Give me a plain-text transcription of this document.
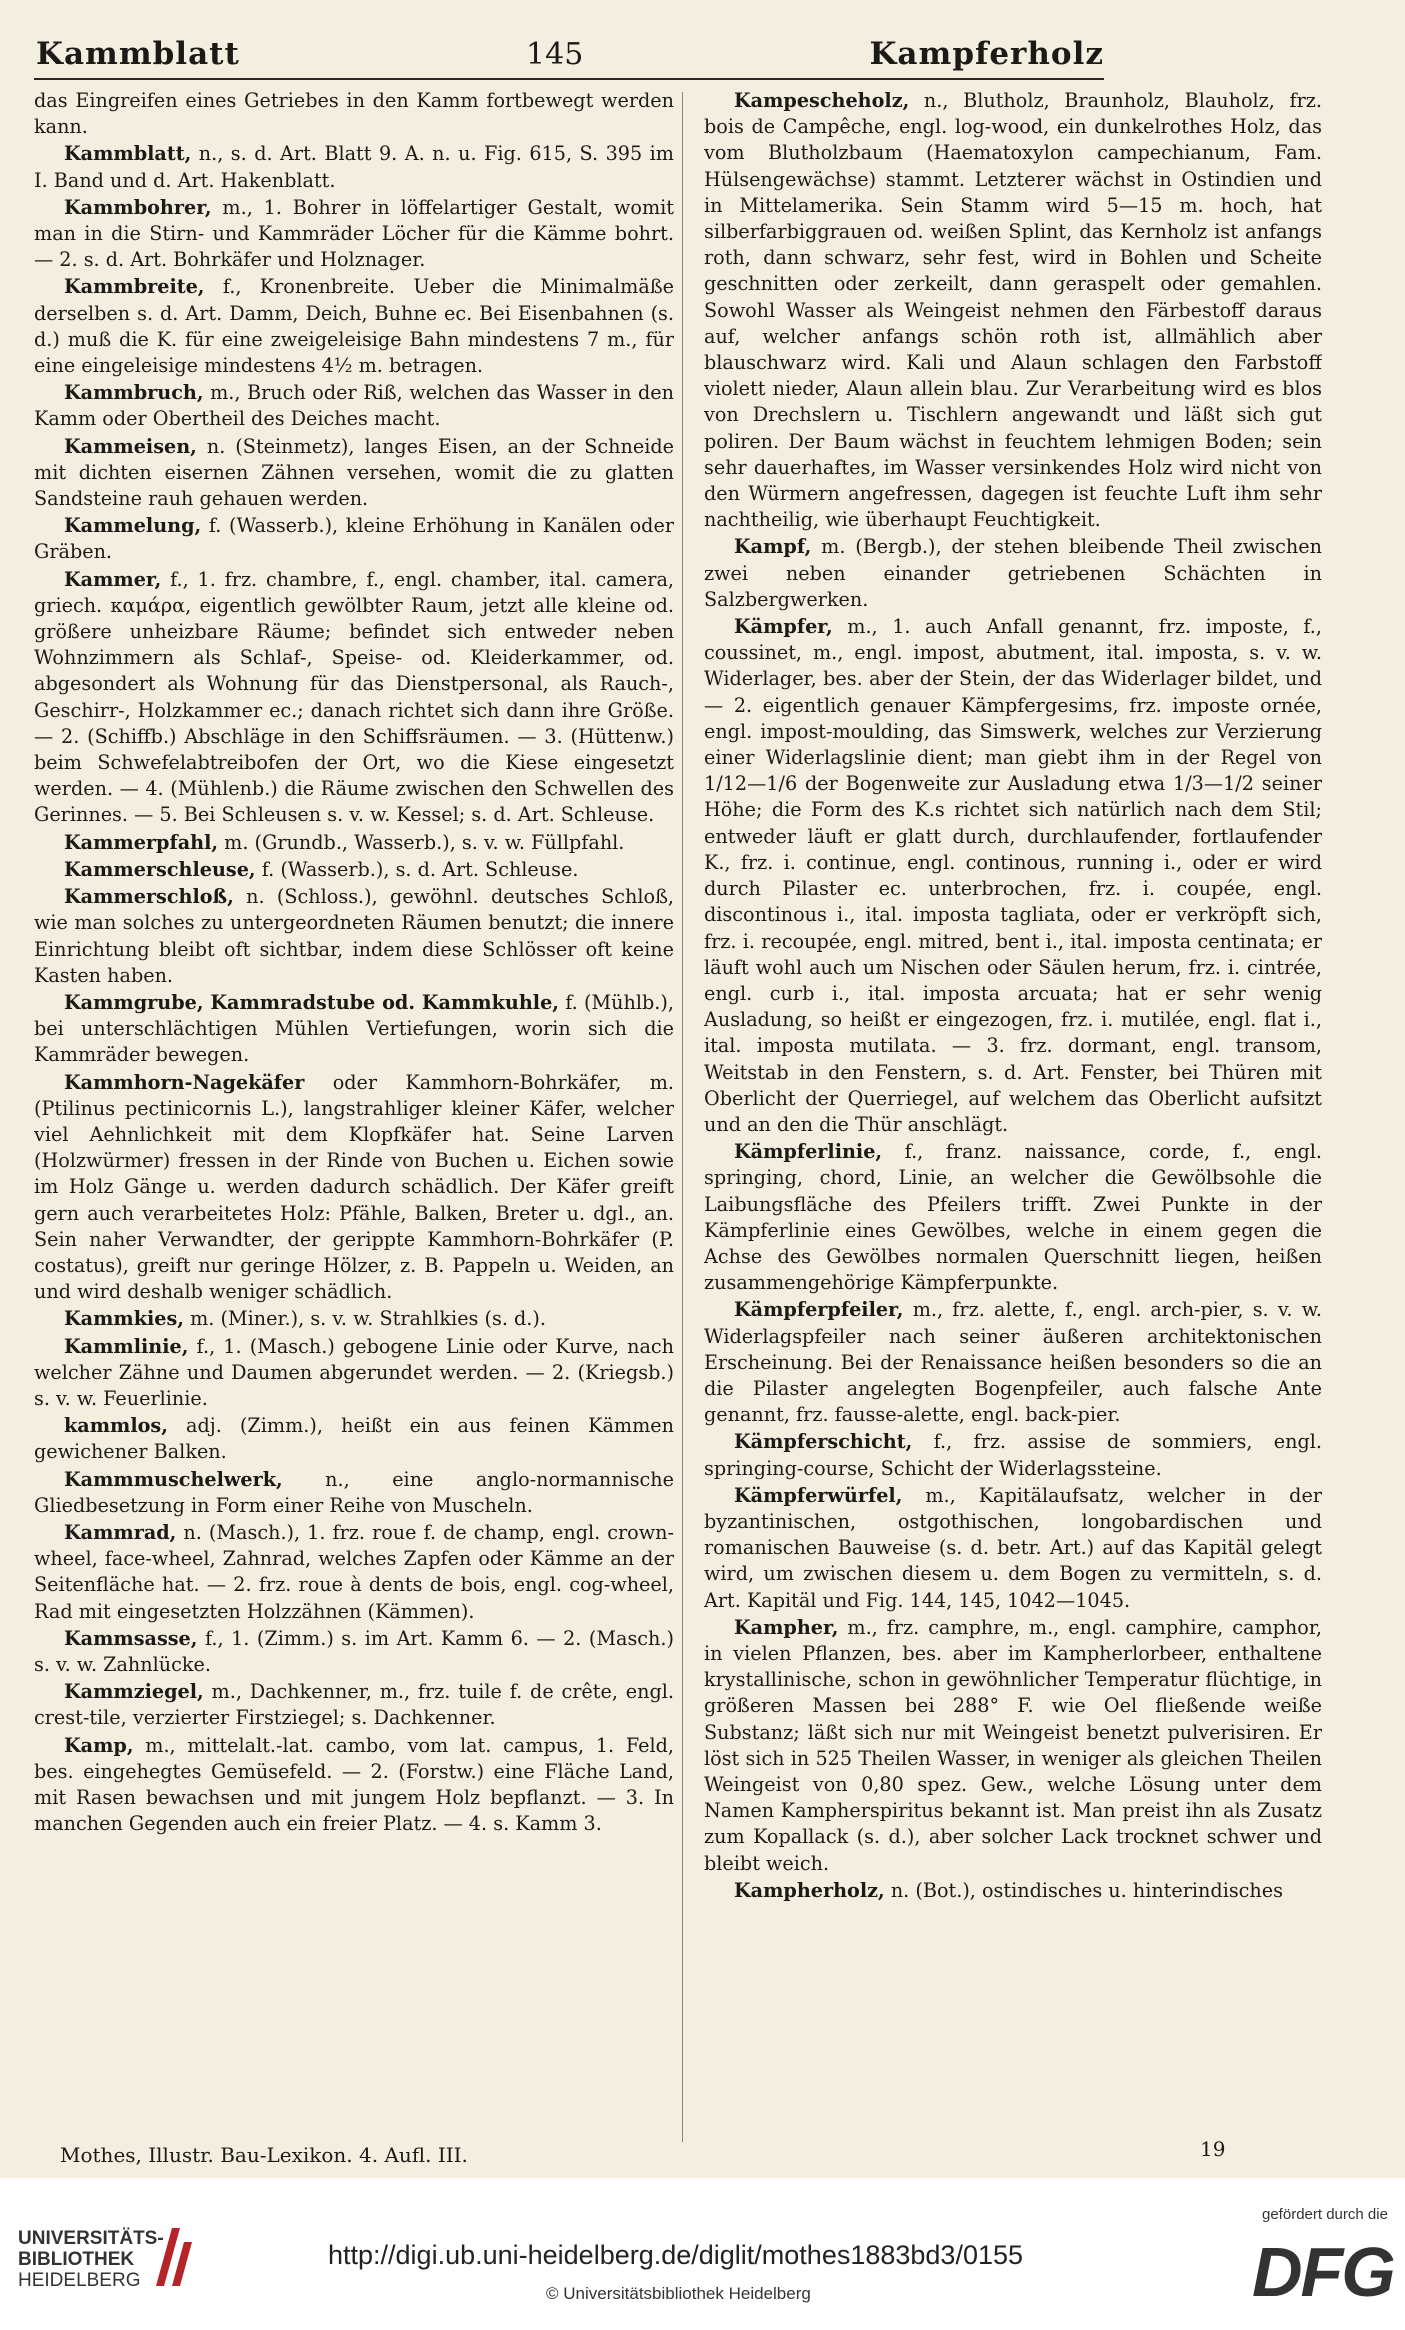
Kammblatt	145	Kampferholz

das Eingreifen eines Getriebes in den Kamm fortbewegt werden kann.

Kammblatt, n., s. d. Art. Blatt 9. A. n. u. Fig. 615, S. 395 im I. Band und d. Art. Hakenblatt.

Kammbohrer, m., 1. Bohrer in löffelartiger Gestalt, womit man in die Stirn- und Kammräder Löcher für die Kämme bohrt. — 2. s. d. Art. Bohrkäfer und Holznager.

Kammbreite, f., Kronenbreite. Ueber die Minimalmäße derselben s. d. Art. Damm, Deich, Buhne ec. Bei Eisenbahnen (s. d.) muß die K. für eine zweigeleisige Bahn mindestens 7 m., für eine eingeleisige mindestens 4½ m. betragen.

Kammbruch, m., Bruch oder Riß, welchen das Wasser in den Kamm oder Obertheil des Deiches macht.

Kammeisen, n. (Steinmetz), langes Eisen, an der Schneide mit dichten eisernen Zähnen versehen, womit die zu glatten Sandsteine rauh gehauen werden.

Kammelung, f. (Wasserb.), kleine Erhöhung in Kanälen oder Gräben.

Kammer, f., 1. frz. chambre, f., engl. chamber, ital. camera, griech. καμάρα, eigentlich gewölbter Raum, jetzt alle kleine od. größere unheizbare Räume; befindet sich entweder neben Wohnzimmern als Schlaf-, Speise- od. Kleiderkammer, od. abgesondert als Wohnung für das Dienstpersonal, als Rauch-, Geschirr-, Holzkammer ec.; danach richtet sich dann ihre Größe. — 2. (Schiffb.) Abschläge in den Schiffsräumen. — 3. (Hüttenw.) beim Schwefelabtreibofen der Ort, wo die Kiese eingesetzt werden. — 4. (Mühlenb.) die Räume zwischen den Schwellen des Gerinnes. — 5. Bei Schleusen s. v. w. Kessel; s. d. Art. Schleuse.

Kammerpfahl, m. (Grundb., Wasserb.), s. v. w. Füllpfahl.

Kammerschleuse, f. (Wasserb.), s. d. Art. Schleuse.

Kammerschloß, n. (Schloss.), gewöhnl. deutsches Schloß, wie man solches zu untergeordneten Räumen benutzt; die innere Einrichtung bleibt oft sichtbar, indem diese Schlösser oft keine Kasten haben.

Kammgrube, Kammradstube od. Kammkuhle, f. (Mühlb.), bei unterschlächtigen Mühlen Vertiefungen, worin sich die Kammräder bewegen.

Kammhorn-Nagekäfer oder Kammhorn-Bohrkäfer, m. (Ptilinus pectinicornis L.), langstrahliger kleiner Käfer, welcher viel Aehnlichkeit mit dem Klopfkäfer hat. Seine Larven (Holzwürmer) fressen in der Rinde von Buchen u. Eichen sowie im Holz Gänge u. werden dadurch schädlich. Der Käfer greift gern auch verarbeitetes Holz: Pfähle, Balken, Breter u. dgl., an. Sein naher Verwandter, der gerippte Kammhorn-Bohrkäfer (P. costatus), greift nur geringe Hölzer, z. B. Pappeln u. Weiden, an und wird deshalb weniger schädlich.

Kammkies, m. (Miner.), s. v. w. Strahlkies (s. d.).

Kammlinie, f., 1. (Masch.) gebogene Linie oder Kurve, nach welcher Zähne und Daumen abgerundet werden. — 2. (Kriegsb.) s. v. w. Feuerlinie.

kammlos, adj. (Zimm.), heißt ein aus feinen Kämmen gewichener Balken.

Kammmuschelwerk, n., eine anglo-normannische Gliedbesetzung in Form einer Reihe von Muscheln.

Kammrad, n. (Masch.), 1. frz. roue f. de champ, engl. crown-wheel, face-wheel, Zahnrad, welches Zapfen oder Kämme an der Seitenfläche hat. — 2. frz. roue à dents de bois, engl. cog-wheel, Rad mit eingesetzten Holzzähnen (Kämmen).

Kammsasse, f., 1. (Zimm.) s. im Art. Kamm 6. — 2. (Masch.) s. v. w. Zahnlücke.

Kammziegel, m., Dachkenner, m., frz. tuile f. de crête, engl. crest-tile, verzierter Firstziegel; s. Dachkenner.

Kamp, m., mittelalt.-lat. cambo, vom lat. campus, 1. Feld, bes. eingehegtes Gemüsefeld. — 2. (Forstw.) eine Fläche Land, mit Rasen bewachsen und mit jungem Holz bepflanzt. — 3. In manchen Gegenden auch ein freier Platz. — 4. s. Kamm 3.

Kampescheholz, n., Blutholz, Braunholz, Blauholz, frz. bois de Campêche, engl. log-wood, ein dunkelrothes Holz, das vom Blutholzbaum (Haematoxylon campechianum, Fam. Hülsengewächse) stammt. Letzterer wächst in Ostindien und in Mittelamerika. Sein Stamm wird 5—15 m. hoch, hat silberfarbiggrauen od. weißen Splint, das Kernholz ist anfangs roth, dann schwarz, sehr fest, wird in Bohlen und Scheite geschnitten oder zerkeilt, dann geraspelt oder gemahlen. Sowohl Wasser als Weingeist nehmen den Färbestoff daraus auf, welcher anfangs schön roth ist, allmählich aber blauschwarz wird. Kali und Alaun schlagen den Farbstoff violett nieder, Alaun allein blau. Zur Verarbeitung wird es blos von Drechslern u. Tischlern angewandt und läßt sich gut poliren. Der Baum wächst in feuchtem lehmigen Boden; sein sehr dauerhaftes, im Wasser versinkendes Holz wird nicht von den Würmern angefressen, dagegen ist feuchte Luft ihm sehr nachtheilig, wie überhaupt Feuchtigkeit.

Kampf, m. (Bergb.), der stehen bleibende Theil zwischen zwei neben einander getriebenen Schächten in Salzbergwerken.

Kämpfer, m., 1. auch Anfall genannt, frz. imposte, f., coussinet, m., engl. impost, abutment, ital. imposta, s. v. w. Widerlager, bes. aber der Stein, der das Widerlager bildet, und — 2. eigentlich genauer Kämpfergesims, frz. imposte ornée, engl. impost-moulding, das Simswerk, welches zur Verzierung einer Widerlagslinie dient; man giebt ihm in der Regel von 1/12—1/6 der Bogenweite zur Ausladung etwa 1/3—1/2 seiner Höhe; die Form des K.s richtet sich natürlich nach dem Stil; entweder läuft er glatt durch, durchlaufender, fortlaufender K., frz. i. continue, engl. continous, running i., oder er wird durch Pilaster ec. unterbrochen, frz. i. coupée, engl. discontinous i., ital. imposta tagliata, oder er verkröpft sich, frz. i. recoupée, engl. mitred, bent i., ital. imposta centinata; er läuft wohl auch um Nischen oder Säulen herum, frz. i. cintrée, engl. curb i., ital. imposta arcuata; hat er sehr wenig Ausladung, so heißt er eingezogen, frz. i. mutilée, engl. flat i., ital. imposta mutilata. — 3. frz. dormant, engl. transom, Weitstab in den Fenstern, s. d. Art. Fenster, bei Thüren mit Oberlicht der Querriegel, auf welchem das Oberlicht aufsitzt und an den die Thür anschlägt.

Kämpferlinie, f., franz. naissance, corde, f., engl. springing, chord, Linie, an welcher die Gewölbsohle die Laibungsfläche des Pfeilers trifft. Zwei Punkte in der Kämpferlinie eines Gewölbes, welche in einem gegen die Achse des Gewölbes normalen Querschnitt liegen, heißen zusammengehörige Kämpferpunkte.

Kämpferpfeiler, m., frz. alette, f., engl. arch-pier, s. v. w. Widerlagspfeiler nach seiner äußeren architektonischen Erscheinung. Bei der Renaissance heißen besonders so die an die Pilaster angelegten Bogenpfeiler, auch falsche Ante genannt, frz. fausse-alette, engl. back-pier.

Kämpferschicht, f., frz. assise de sommiers, engl. springing-course, Schicht der Widerlagssteine.

Kämpferwürfel, m., Kapitälaufsatz, welcher in der byzantinischen, ostgothischen, longobardischen und romanischen Bauweise (s. d. betr. Art.) auf das Kapitäl gelegt wird, um zwischen diesem u. dem Bogen zu vermitteln, s. d. Art. Kapitäl und Fig. 144, 145, 1042—1045.

Kampher, m., frz. camphre, m., engl. camphire, camphor, in vielen Pflanzen, bes. aber im Kampherlorbeer, enthaltene krystallinische, schon in gewöhnlicher Temperatur flüchtige, in größeren Massen bei 288° F. wie Oel fließende weiße Substanz; läßt sich nur mit Weingeist benetzt pulverisiren. Er löst sich in 525 Theilen Wasser, in weniger als gleichen Theilen Weingeist von 0,80 spez. Gew., welche Lösung unter dem Namen Kampherspiritus bekannt ist. Man preist ihn als Zusatz zum Kopallack (s. d.), aber solcher Lack trocknet schwer und bleibt weich.

Kampherholz, n. (Bot.), ostindisches u. hinterindisches

Mothes, Illustr. Bau-Lexikon. 4. Aufl. III.	19
UNIVERSITÄTS-
BIBLIOTHEK
HEIDELBERG
http://digi.ub.uni-heidelberg.de/diglit/mothes1883bd3/0155
© Universitätsbibliothek Heidelberg
gefördert durch die
DFG
